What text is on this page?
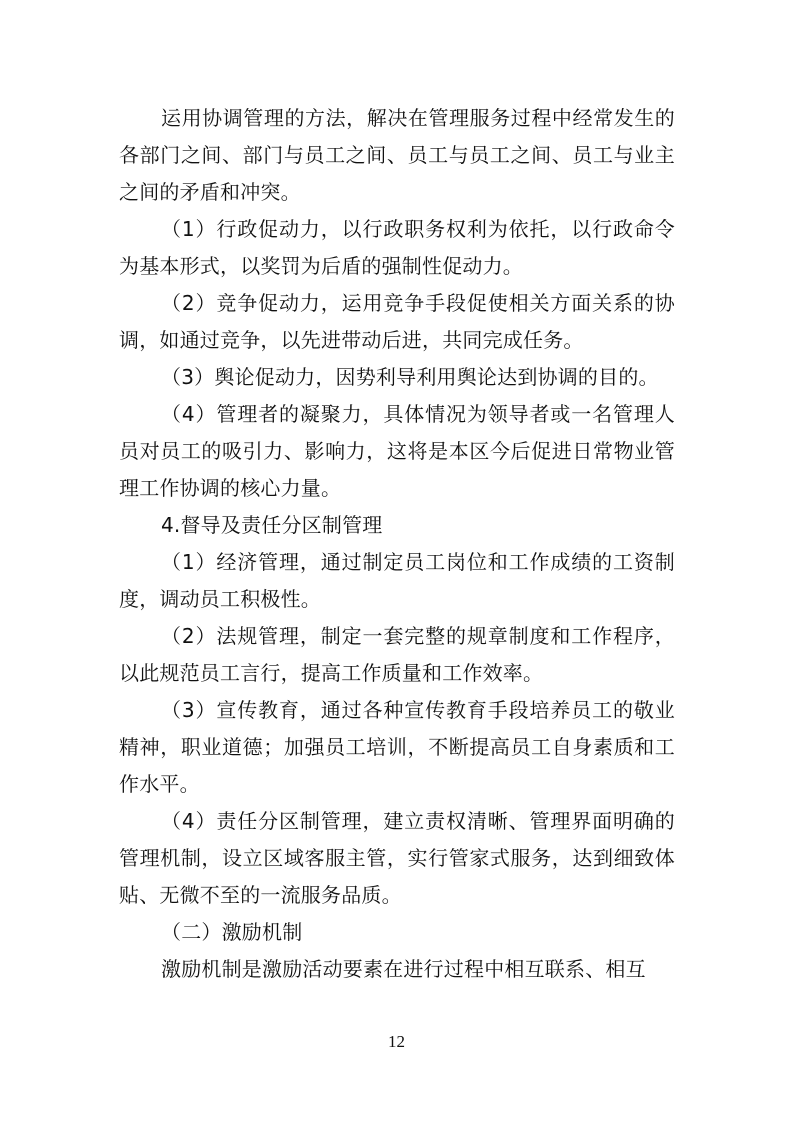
运用协调管理的方法，解决在管理服务过程中经常发生的各部门之间、部门与员工之间、员工与员工之间、员工与业主之间的矛盾和冲突。

（1）行政促动力，以行政职务权利为依托，以行政命令为基本形式，以奖罚为后盾的强制性促动力。

（2）竞争促动力，运用竞争手段促使相关方面关系的协调，如通过竞争，以先进带动后进，共同完成任务。

（3）舆论促动力，因势利导利用舆论达到协调的目的。

（4）管理者的凝聚力，具体情况为领导者或一名管理人员对员工的吸引力、影响力，这将是本区今后促进日常物业管理工作协调的核心力量。

4.督导及责任分区制管理

（1）经济管理，通过制定员工岗位和工作成绩的工资制度，调动员工积极性。

（2）法规管理，制定一套完整的规章制度和工作程序，以此规范员工言行，提高工作质量和工作效率。

（3）宣传教育，通过各种宣传教育手段培养员工的敬业精神，职业道德；加强员工培训，不断提高员工自身素质和工作水平。

（4）责任分区制管理，建立责权清晰、管理界面明确的管理机制，设立区域客服主管，实行管家式服务，达到细致体贴、无微不至的一流服务品质。

（二）激励机制

激励机制是激励活动要素在进行过程中相互联系、相互

12
